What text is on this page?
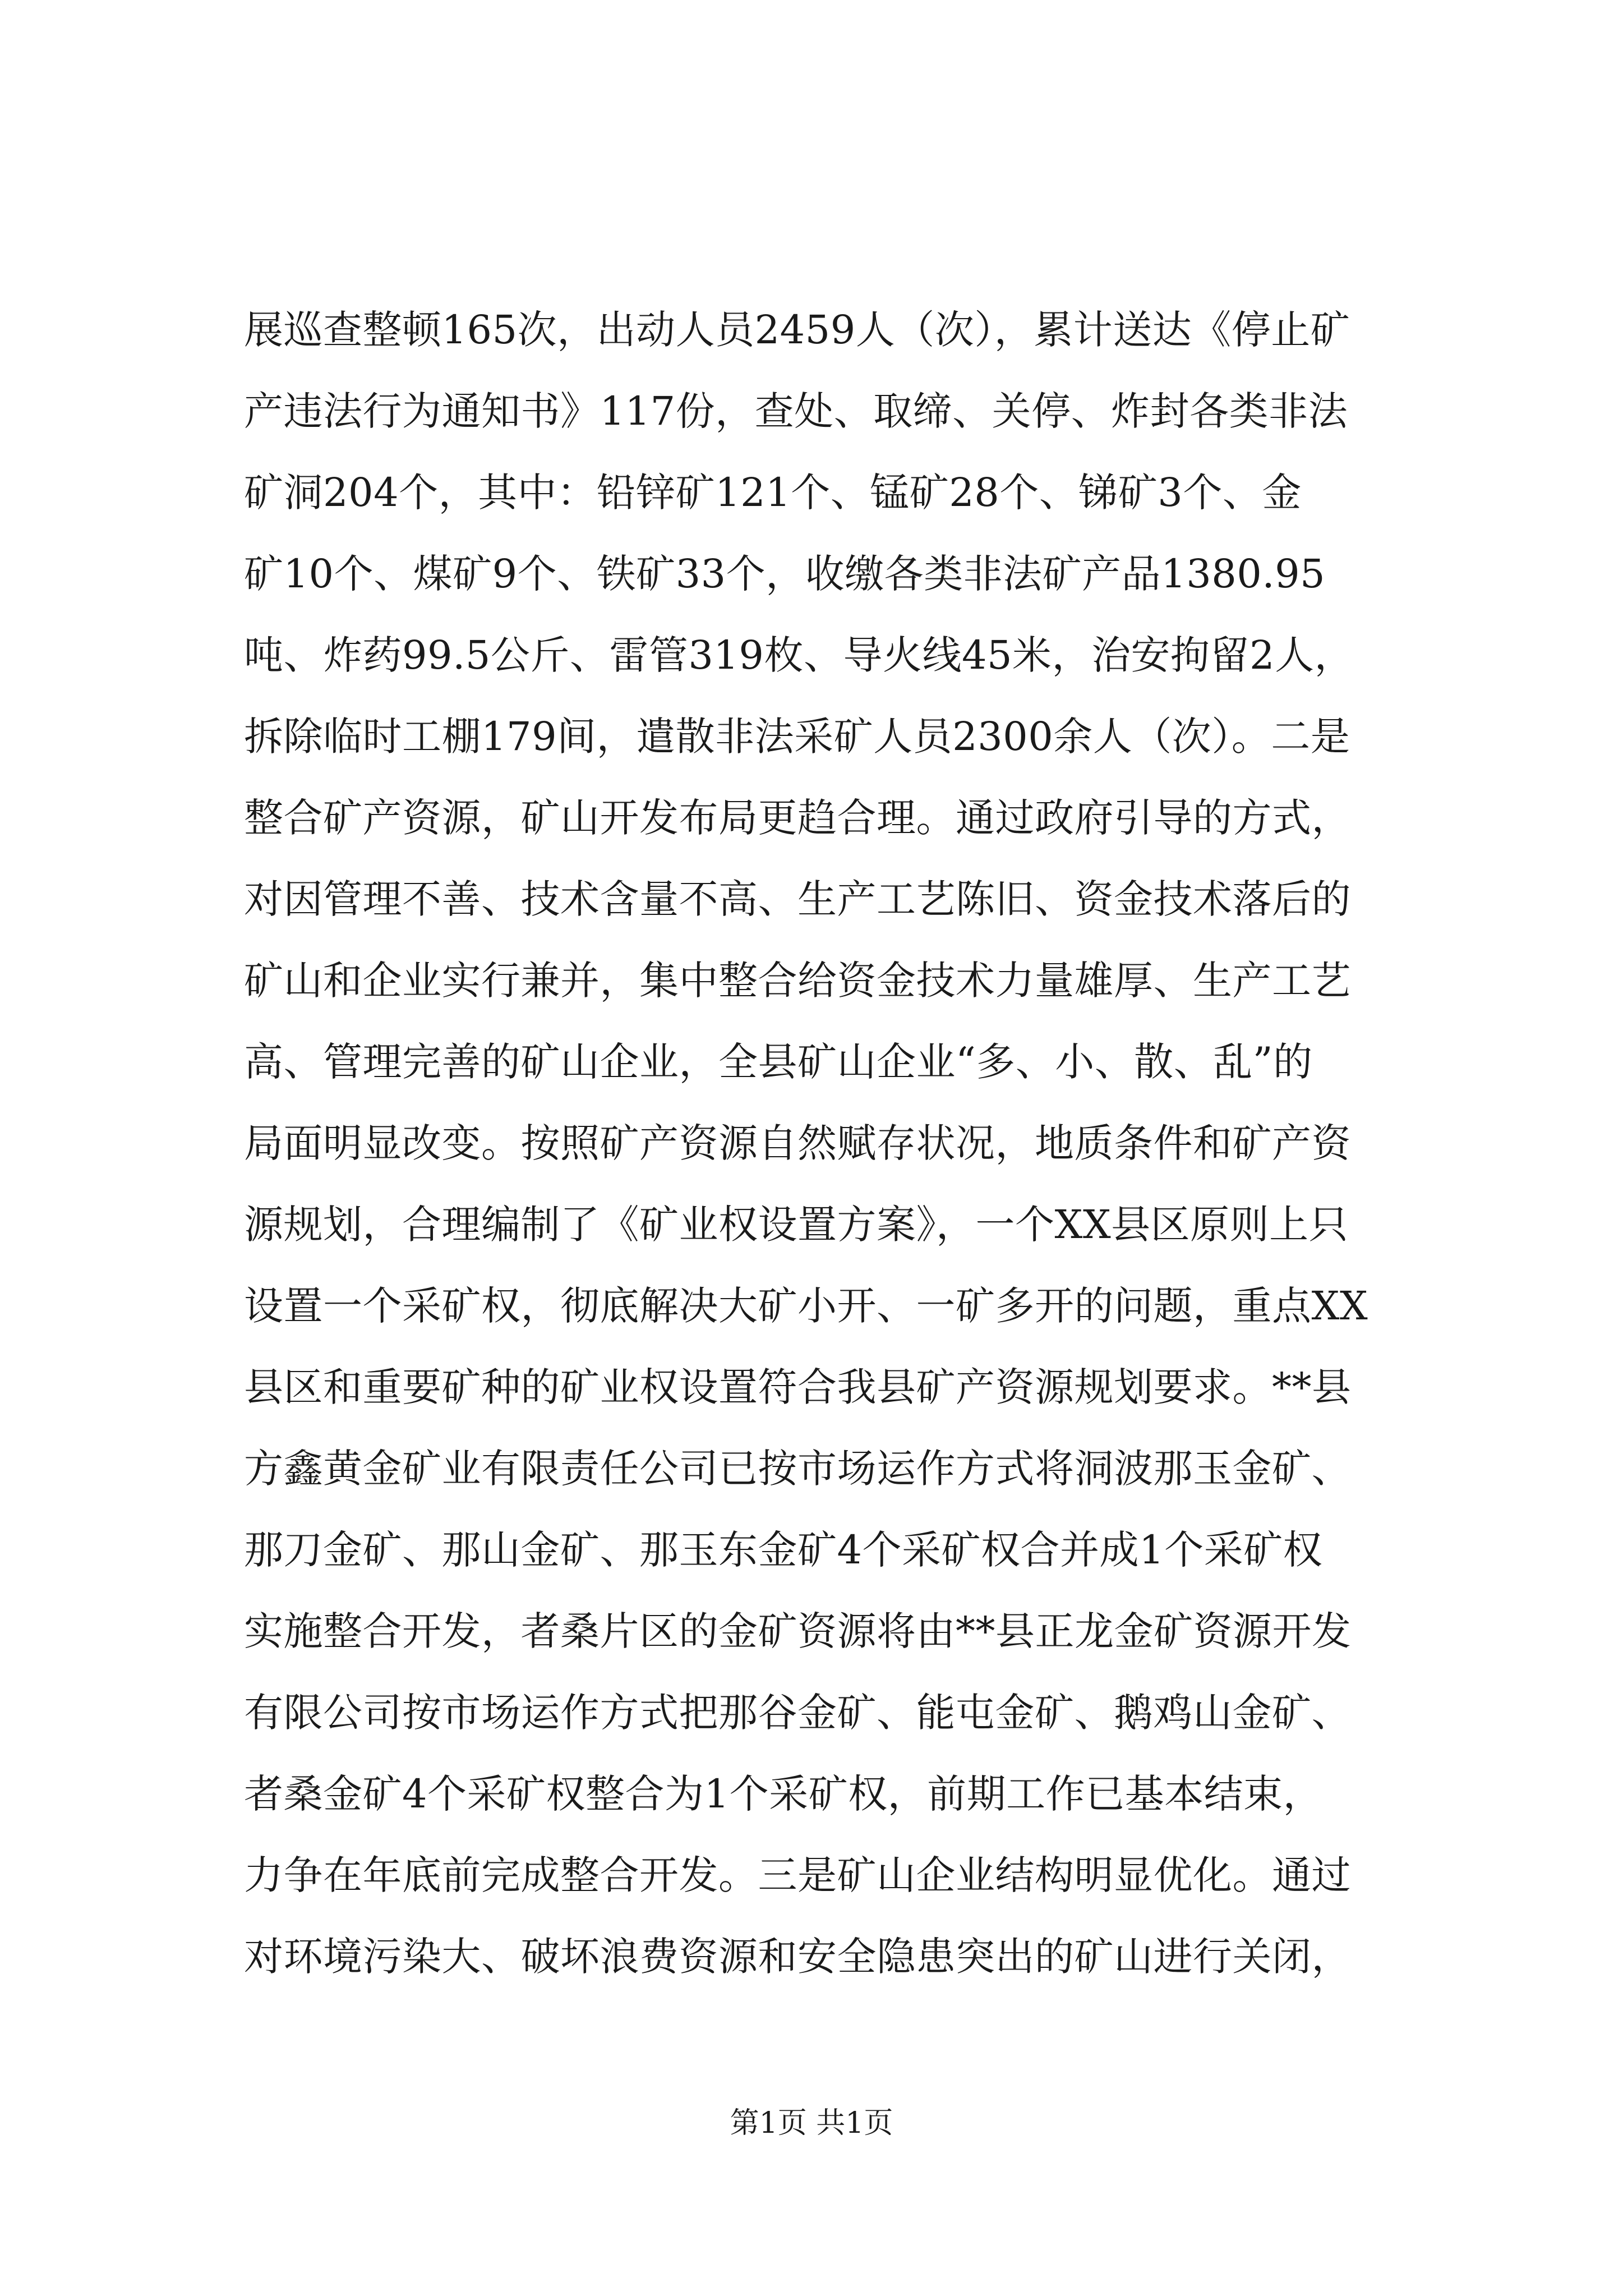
展巡查整顿165次，出动人员2459人（次），累计送达《停止矿
产违法行为通知书》117份，查处、取缔、关停、炸封各类非法
矿洞204个，其中：铅锌矿121个、锰矿28个、锑矿3个、金
矿10个、煤矿9个、铁矿33个，收缴各类非法矿产品1380.95
吨、炸药99.5公斤、雷管319枚、导火线45米，治安拘留2人，
拆除临时工棚179间，遣散非法采矿人员2300余人（次）。二是
整合矿产资源，矿山开发布局更趋合理。通过政府引导的方式，
对因管理不善、技术含量不高、生产工艺陈旧、资金技术落后的
矿山和企业实行兼并，集中整合给资金技术力量雄厚、生产工艺
高、管理完善的矿山企业，全县矿山企业“多、小、散、乱”的
局面明显改变。按照矿产资源自然赋存状况，地质条件和矿产资
源规划，合理编制了《矿业权设置方案》，一个XX县区原则上只
设置一个采矿权，彻底解决大矿小开、一矿多开的问题，重点XX
县区和重要矿种的矿业权设置符合我县矿产资源规划要求。**县
方鑫黄金矿业有限责任公司已按市场运作方式将洞波那玉金矿、
那刀金矿、那山金矿、那玉东金矿4个采矿权合并成1个采矿权
实施整合开发，者桑片区的金矿资源将由**县正龙金矿资源开发
有限公司按市场运作方式把那谷金矿、能屯金矿、鹅鸡山金矿、
者桑金矿4个采矿权整合为1个采矿权，前期工作已基本结束，
力争在年底前完成整合开发。三是矿山企业结构明显优化。通过
对环境污染大、破坏浪费资源和安全隐患突出的矿山进行关闭，
第1页 共1页
